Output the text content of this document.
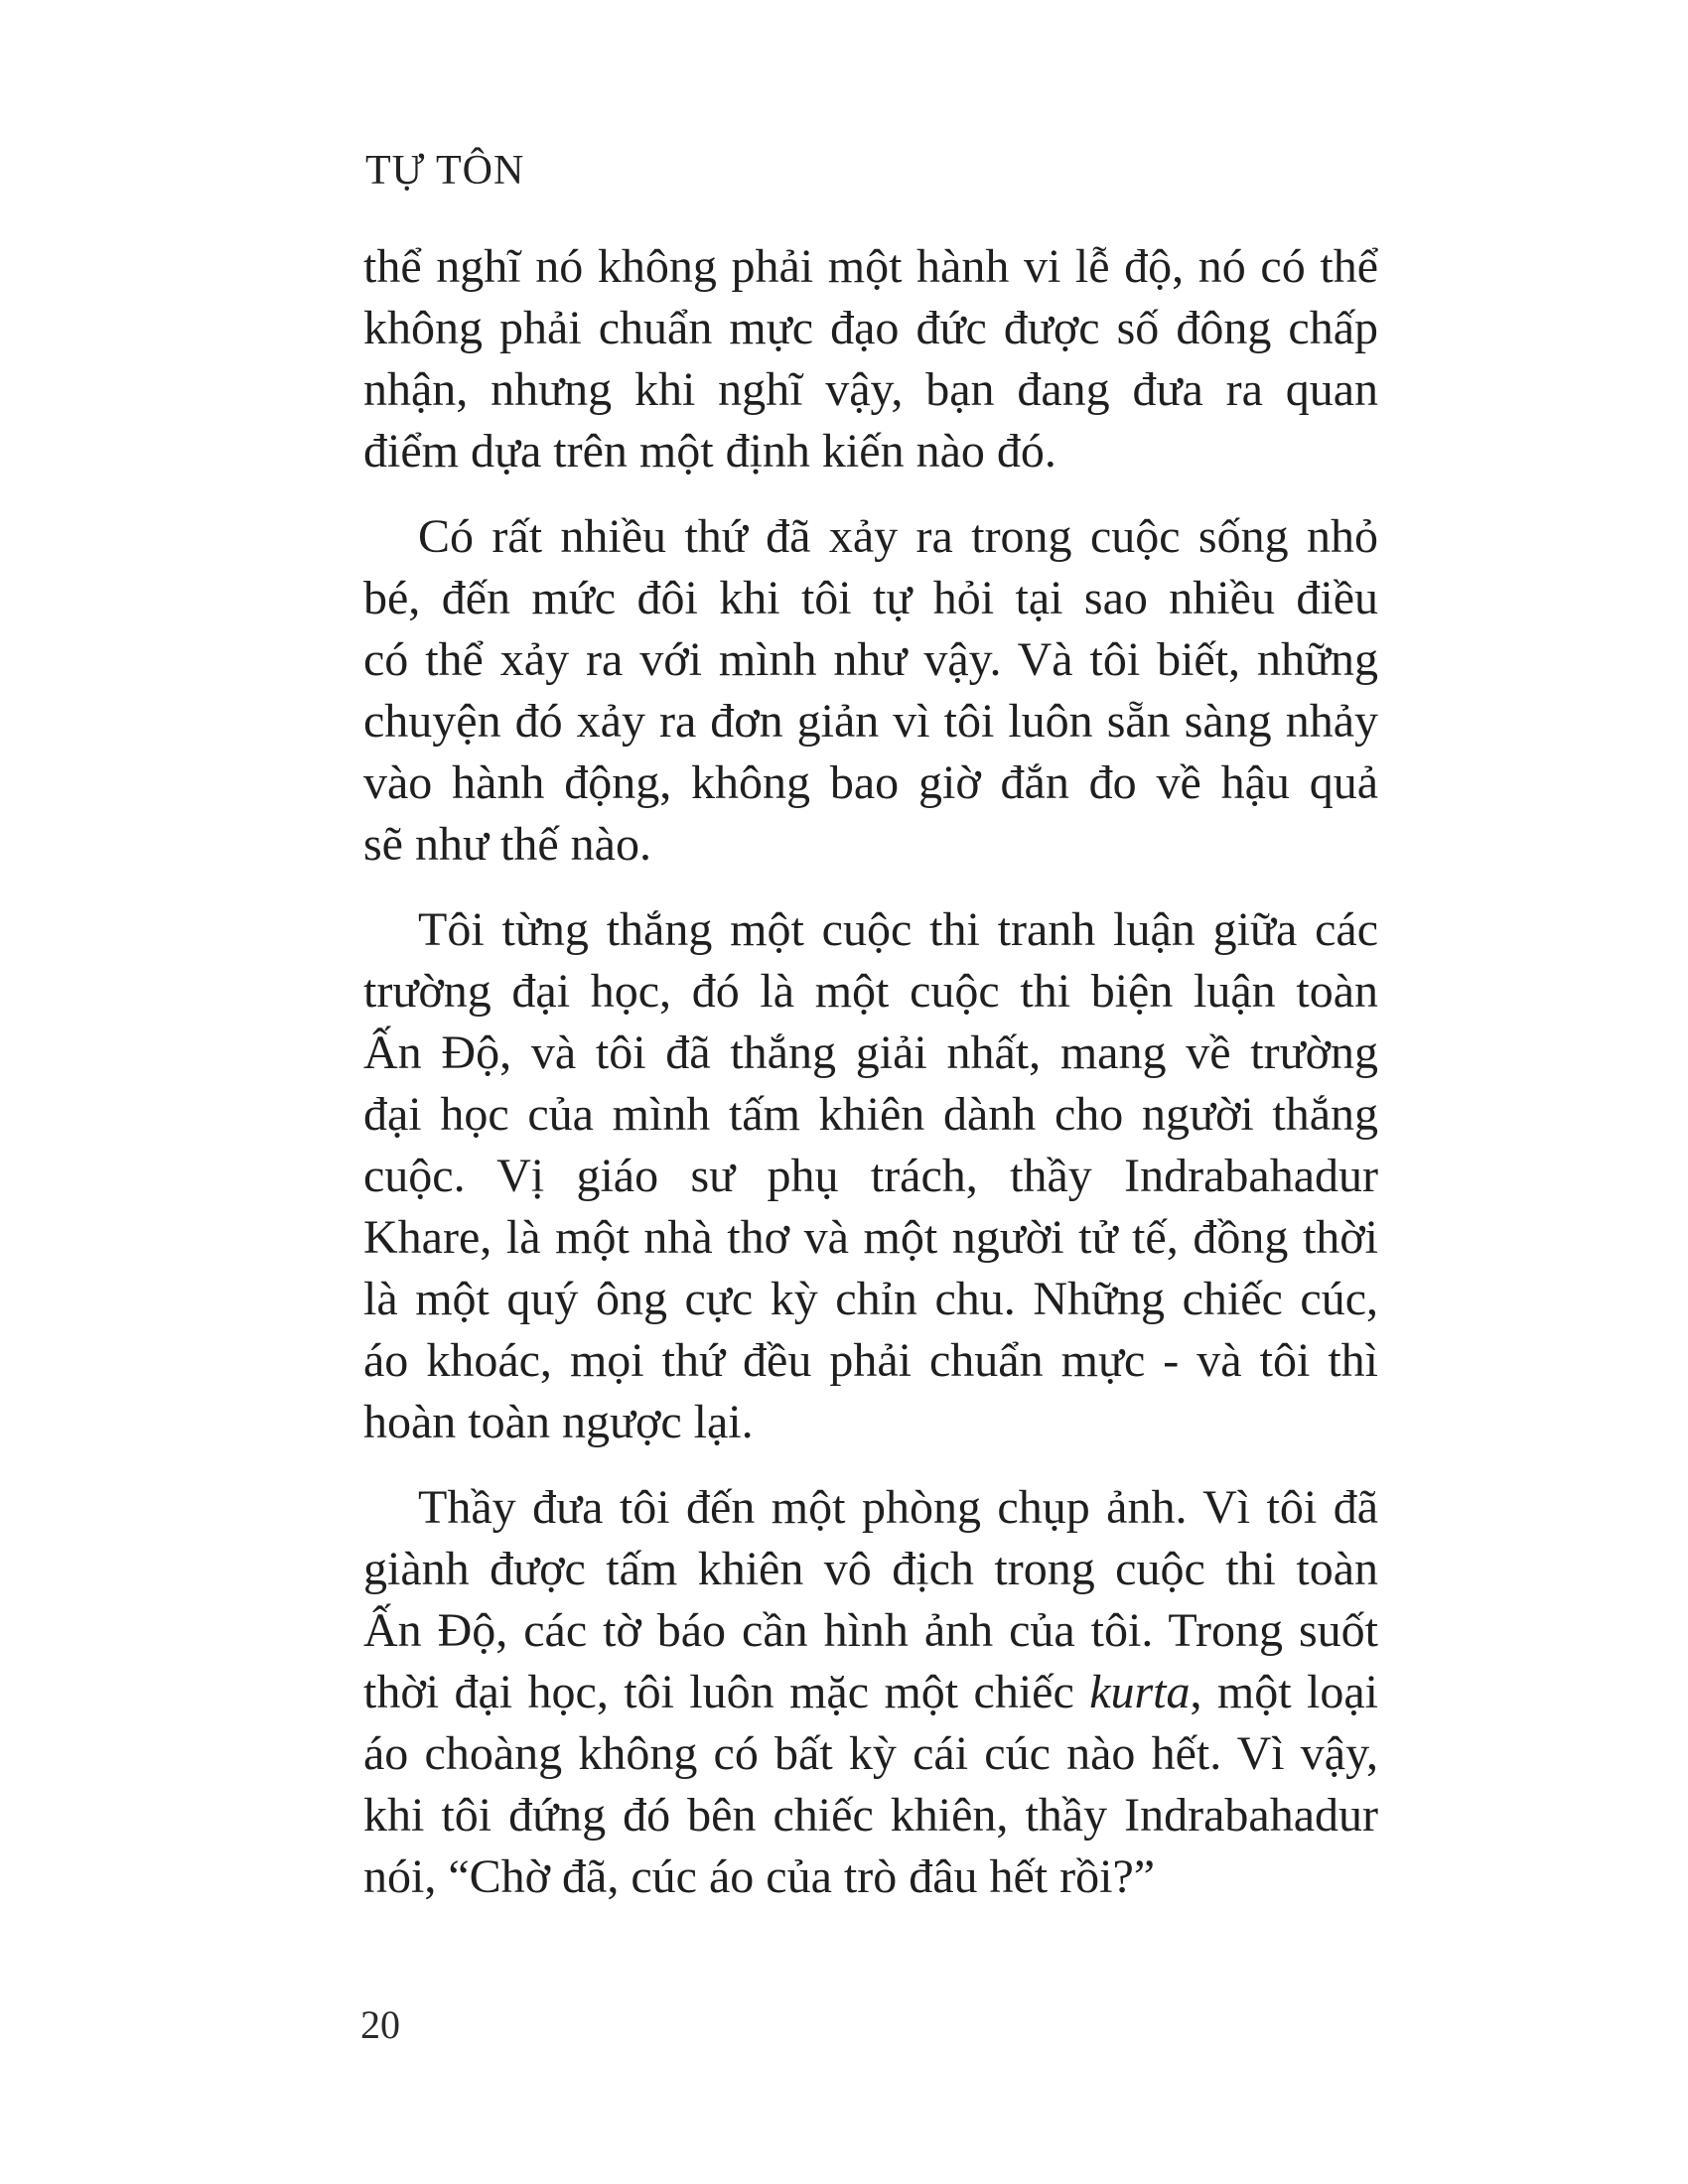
TỰ TÔN
thể nghĩ nó không phải một hành vi lễ độ, nó có thể
không phải chuẩn mực đạo đức được số đông chấp
nhận, nhưng khi nghĩ vậy, bạn đang đưa ra quan
điểm dựa trên một định kiến nào đó.
Có rất nhiều thứ đã xảy ra trong cuộc sống nhỏ
bé, đến mức đôi khi tôi tự hỏi tại sao nhiều điều
có thể xảy ra với mình như vậy. Và tôi biết, những
chuyện đó xảy ra đơn giản vì tôi luôn sẵn sàng nhảy
vào hành động, không bao giờ đắn đo về hậu quả
sẽ như thế nào.
Tôi từng thắng một cuộc thi tranh luận giữa các
trường đại học, đó là một cuộc thi biện luận toàn
Ấn Độ, và tôi đã thắng giải nhất, mang về trường
đại học của mình tấm khiên dành cho người thắng
cuộc. Vị giáo sư phụ trách, thầy Indrabahadur
Khare, là một nhà thơ và một người tử tế, đồng thời
là một quý ông cực kỳ chỉn chu. Những chiếc cúc,
áo khoác, mọi thứ đều phải chuẩn mực - và tôi thì
hoàn toàn ngược lại.
Thầy đưa tôi đến một phòng chụp ảnh. Vì tôi đã
giành được tấm khiên vô địch trong cuộc thi toàn
Ấn Độ, các tờ báo cần hình ảnh của tôi. Trong suốt
thời đại học, tôi luôn mặc một chiếc kurta, một loại
áo choàng không có bất kỳ cái cúc nào hết. Vì vậy,
khi tôi đứng đó bên chiếc khiên, thầy Indrabahadur
nói, “Chờ đã, cúc áo của trò đâu hết rồi?”
20
